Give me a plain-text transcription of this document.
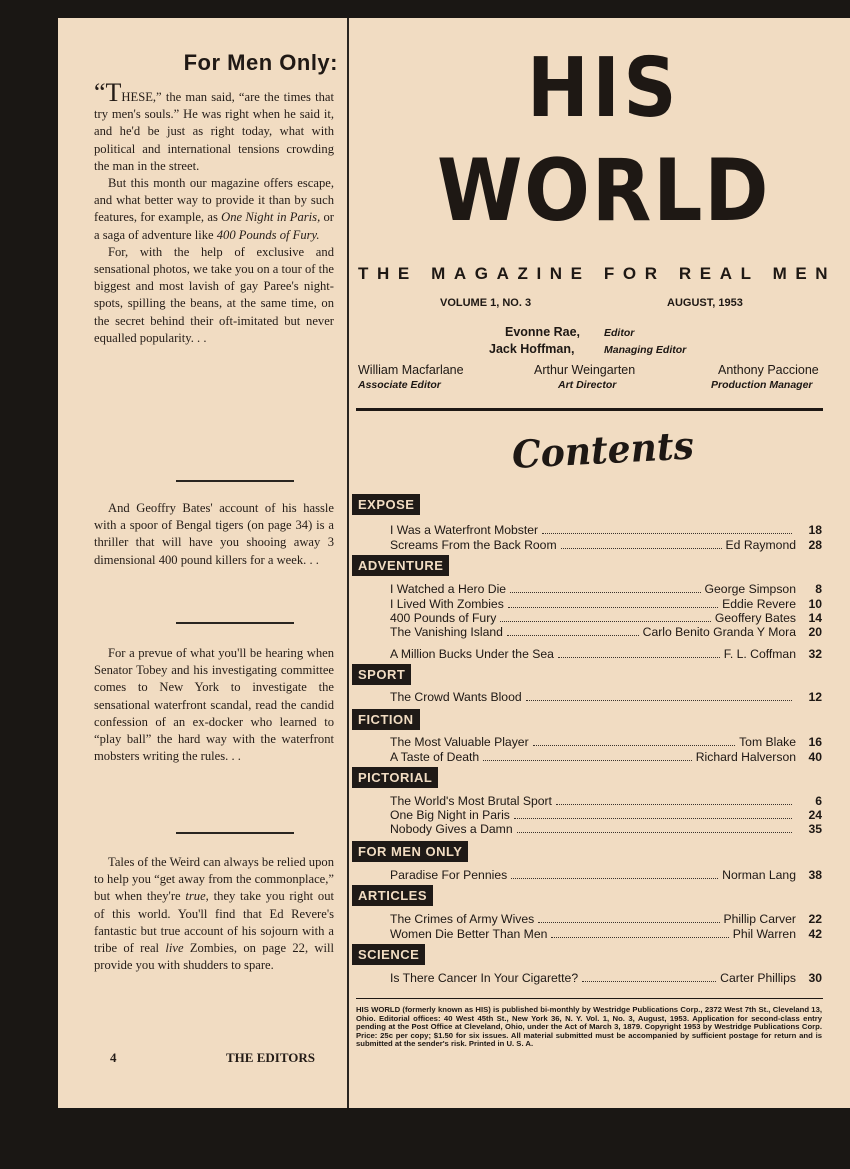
For Men Only:

“THESE,” the man said, “are the times that try men's souls.” He was right when he said it, and he'd be just as right today, what with political and international tensions crowding the man in the street.

But this month our magazine offers escape, and what better way to provide it than by such features, for example, as One Night in Paris, or a saga of adventure like 400 Pounds of Fury.

For, with the help of exclusive and sensational photos, we take you on a tour of the biggest and most lavish of gay Paree's night-spots, spilling the beans, at the same time, on the secret behind their oft-imitated but never equalled popularity. . .

And Geoffry Bates' account of his hassle with a spoor of Bengal tigers (on page 34) is a thriller that will have you shooing away 3 dimensional 400 pound killers for a week. . .

For a prevue of what you'll be hearing when Senator Tobey and his investigating committee comes to New York to investigate the sensational waterfront scandal, read the candid confession of an ex-docker who learned to “play ball” the hard way with the waterfront mobsters writing the rules. . .

Tales of the Weird can always be relied upon to help you “get away from the commonplace,” but when they're true, they take you right out of this world. You'll find that Ed Revere's fantastic but true account of his sojourn with a tribe of real live Zombies, on page 22, will provide you with shudders to spare.

4	THE EDITORS
HIS
WORLD
THE MAGAZINE FOR REAL MEN
VOLUME 1, NO. 3	AUGUST, 1953
Evonne Rae, Editor
Jack Hoffman,	Managing Editor
William Macfarlane
Associate Editor
Arthur Weingarten
Art Director
Anthony Paccione
Production Manager
Contents
EXPOSE
I Was a Waterfront Mobster	18
Screams From the Back Room	Ed Raymond	28
ADVENTURE
I Watched a Hero Die	George Simpson	8
I Lived With Zombies	Eddie Revere	10
400 Pounds of Fury	Geoffery Bates	14
The Vanishing Island	Carlo Benito Granda Y Mora	20
A Million Bucks Under the Sea	F. L. Coffman	32
SPORT
The Crowd Wants Blood	12
FICTION
The Most Valuable Player	Tom Blake	16
A Taste of Death	Richard Halverson	40
PICTORIAL
The World's Most Brutal Sport	6
One Big Night in Paris	24
Nobody Gives a Damn	35
FOR MEN ONLY
Paradise For Pennies	Norman Lang	38
ARTICLES
The Crimes of Army Wives	Phillip Carver	22
Women Die Better Than Men	Phil Warren	42
SCIENCE
Is There Cancer In Your Cigarette?	Carter Phillips	30
HIS WORLD (formerly known as HIS) is published bi-monthly by Westridge Publications Corp., 2372 West 7th St., Cleveland 13, Ohio. Editorial offices: 40 West 45th St., New York 36, N. Y. Vol. 1, No. 3, August, 1953. Application for second-class entry pending at the Post Office at Cleveland, Ohio, under the Act of March 3, 1879. Copyright 1953 by Westridge Publications Corp. Price: 25c per copy; $1.50 for six issues. All material submitted must be accompanied by sufficient postage for return and is submitted at the sender's risk. Printed in U. S. A.
